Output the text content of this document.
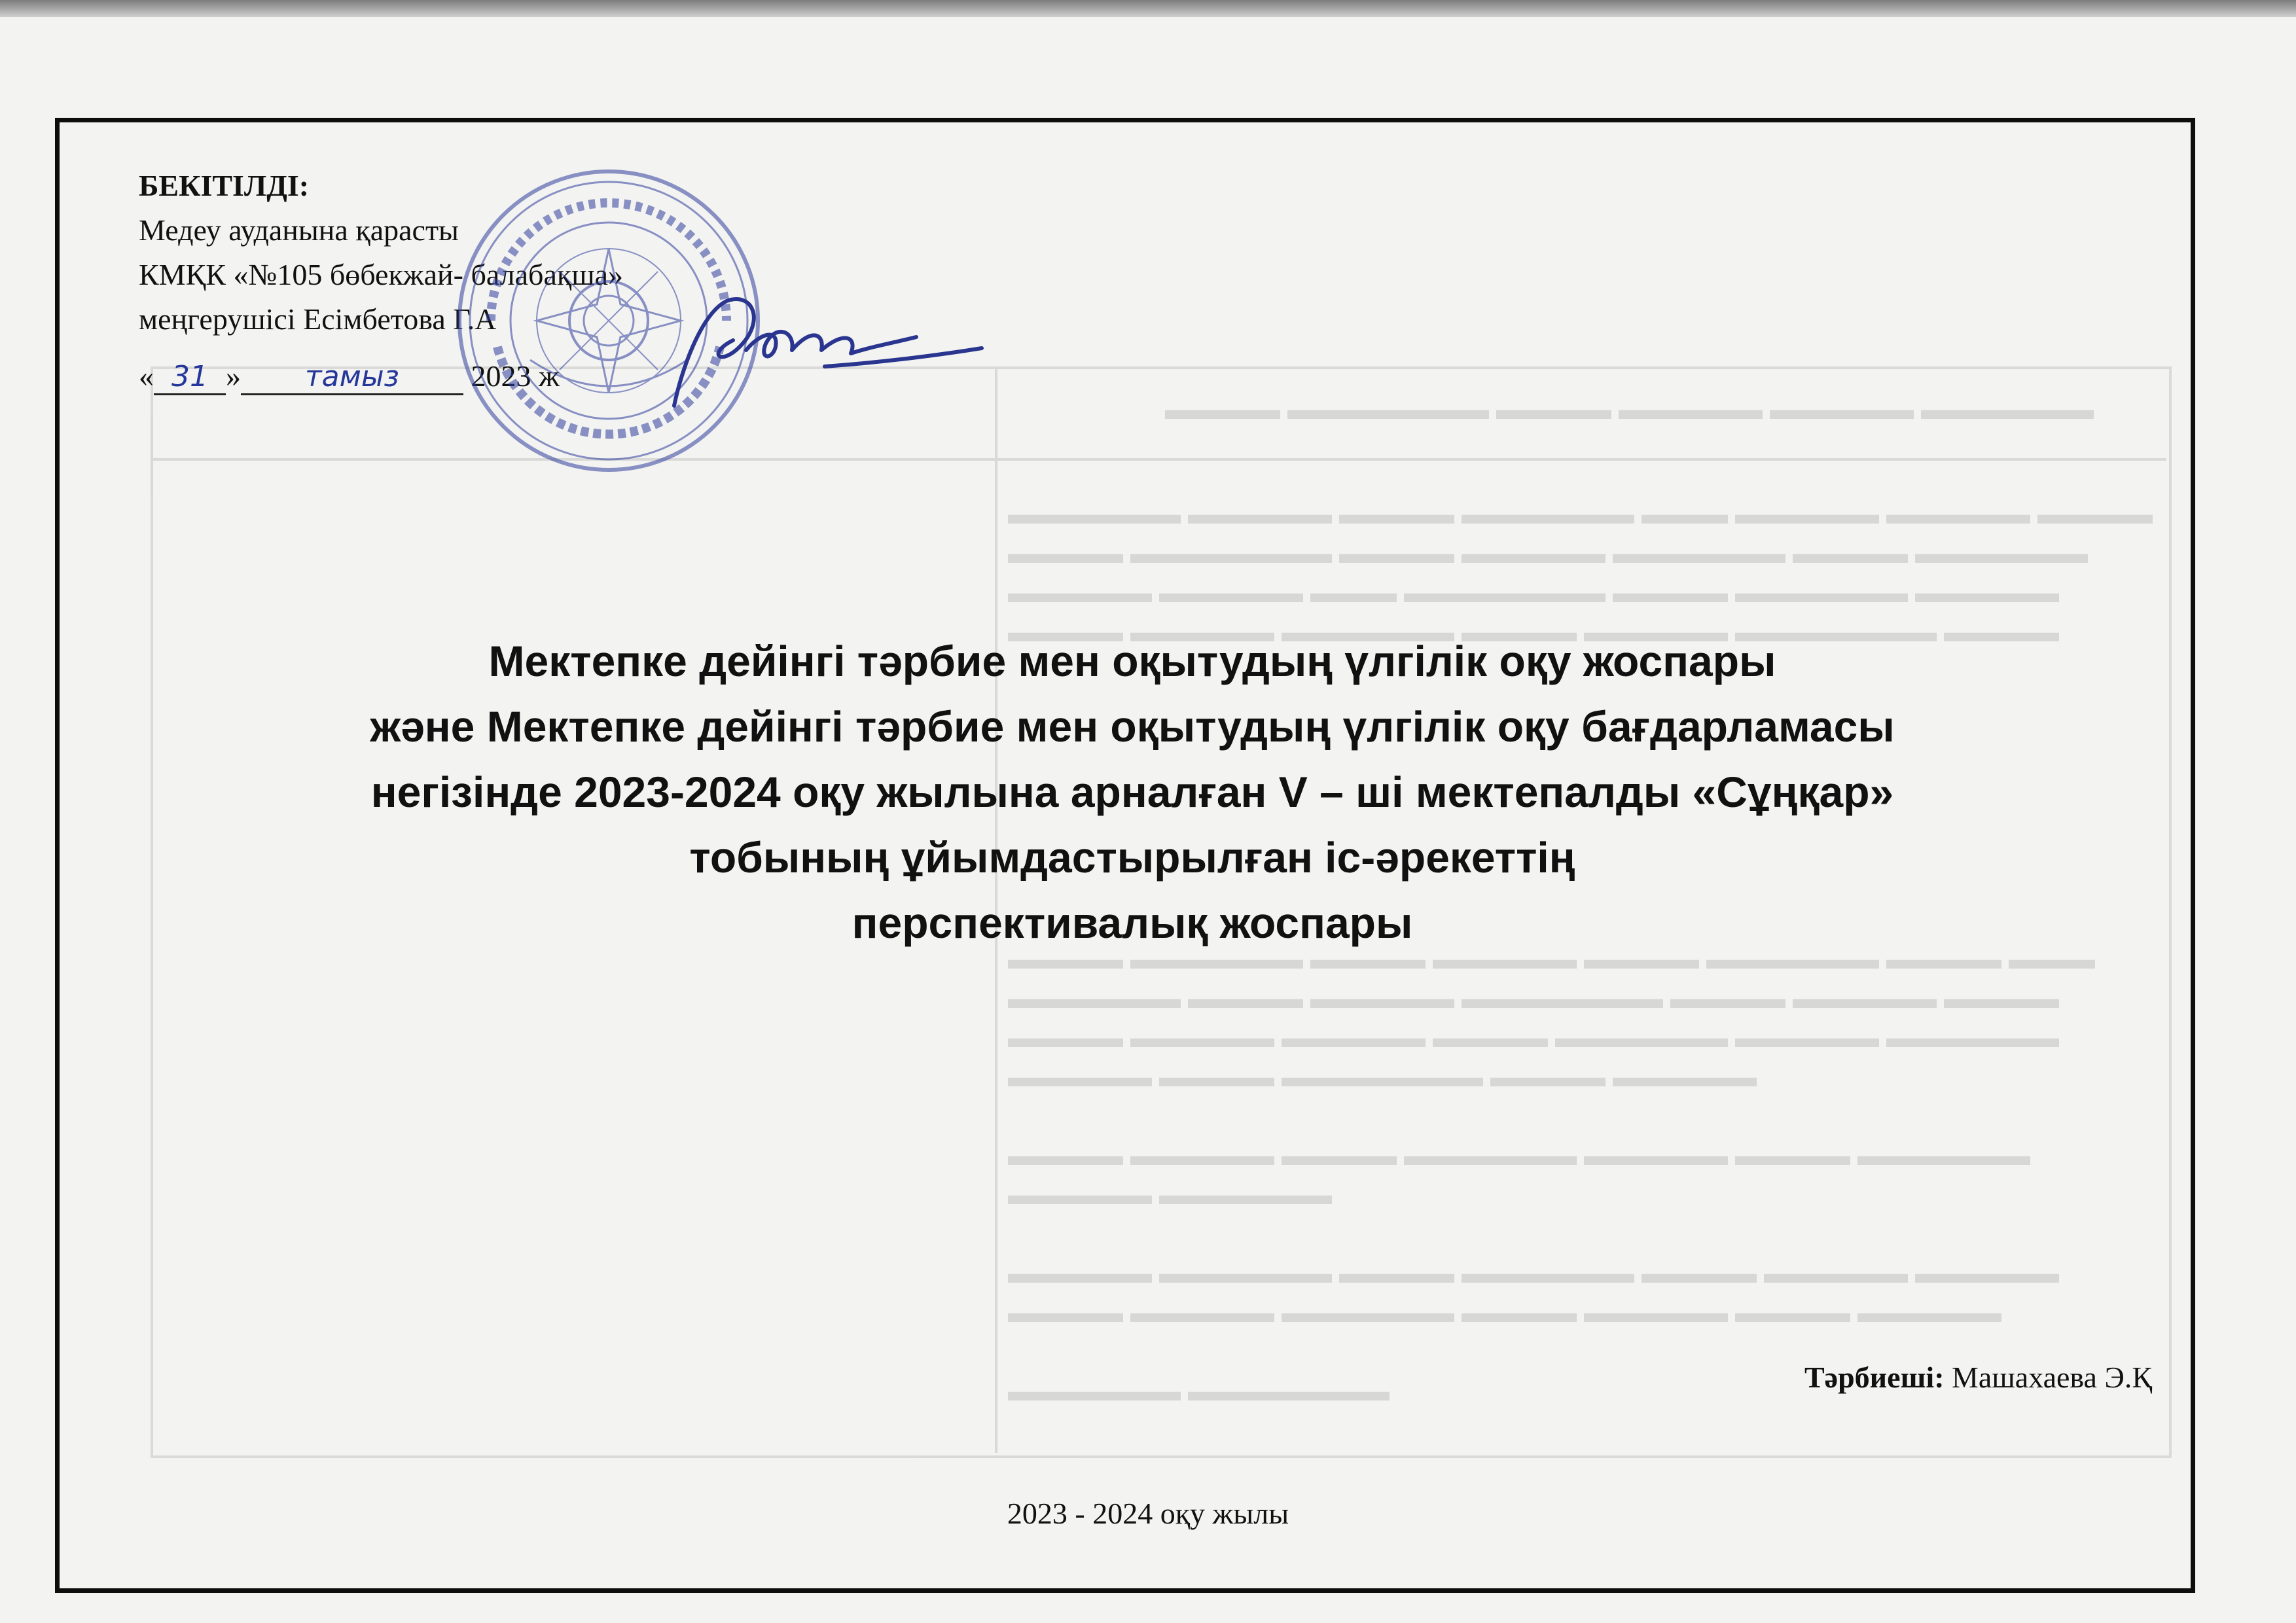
▬▬▬▬ ▬▬▬▬▬▬▬ ▬▬▬▬ ▬▬▬▬▬ ▬▬▬▬▬ ▬▬▬▬▬▬
▬▬▬▬▬▬ ▬▬▬▬▬ ▬▬▬▬ ▬▬▬▬▬▬ ▬▬▬ ▬▬▬▬▬ ▬▬▬▬▬ ▬▬▬▬
▬▬▬▬ ▬▬▬▬▬▬▬ ▬▬▬▬ ▬▬▬▬▬ ▬▬▬▬▬▬ ▬▬▬▬ ▬▬▬▬▬▬
▬▬▬▬▬ ▬▬▬▬▬ ▬▬▬ ▬▬▬▬▬▬▬ ▬▬▬▬ ▬▬▬▬▬▬ ▬▬▬▬▬
▬▬▬▬ ▬▬▬▬▬ ▬▬▬▬▬▬ ▬▬▬▬ ▬▬▬▬▬ ▬▬▬▬▬▬▬ ▬▬▬▬
▬▬▬▬ ▬▬▬▬▬▬ ▬▬▬▬ ▬▬▬▬▬ ▬▬▬▬ ▬▬▬▬▬▬ ▬▬▬▬ ▬▬▬
▬▬▬▬▬▬ ▬▬▬▬ ▬▬▬▬▬ ▬▬▬▬▬▬▬ ▬▬▬▬ ▬▬▬▬▬ ▬▬▬▬
▬▬▬▬ ▬▬▬▬▬ ▬▬▬▬▬ ▬▬▬▬ ▬▬▬▬▬▬ ▬▬▬▬▬ ▬▬▬▬▬▬
▬▬▬▬▬ ▬▬▬▬ ▬▬▬▬▬▬▬ ▬▬▬▬ ▬▬▬▬▬
▬▬▬▬ ▬▬▬▬▬ ▬▬▬▬ ▬▬▬▬▬▬ ▬▬▬▬▬ ▬▬▬▬ ▬▬▬▬▬▬
▬▬▬▬▬ ▬▬▬▬▬▬
▬▬▬▬▬ ▬▬▬▬▬▬ ▬▬▬▬ ▬▬▬▬▬▬ ▬▬▬▬ ▬▬▬▬▬ ▬▬▬▬▬
▬▬▬▬ ▬▬▬▬▬ ▬▬▬▬▬▬ ▬▬▬▬ ▬▬▬▬▬ ▬▬▬▬ ▬▬▬▬▬
▬▬▬▬▬▬ ▬▬▬▬▬▬▬
БЕКІТІЛДІ:
Медеу ауданына қарасты
КМҚК «№105 бөбекжай- балабақша»
меңгерушісі Есімбетова Г.А
« 31 » тамыз 2023 ж
Мектепке дейінгі тәрбие мен оқытудың үлгілік оқу жоспары
және Мектепке дейінгі тәрбие мен оқытудың үлгілік оқу бағдарламасы
негізінде 2023-2024 оқу жылына арналған V – ші мектепалды «Сұңқар»
тобының ұйымдастырылған іс-әрекеттің
перспективалық жоспары
Тәрбиеші: Машахаева Э.Қ
2023 - 2024 оқу жылы
